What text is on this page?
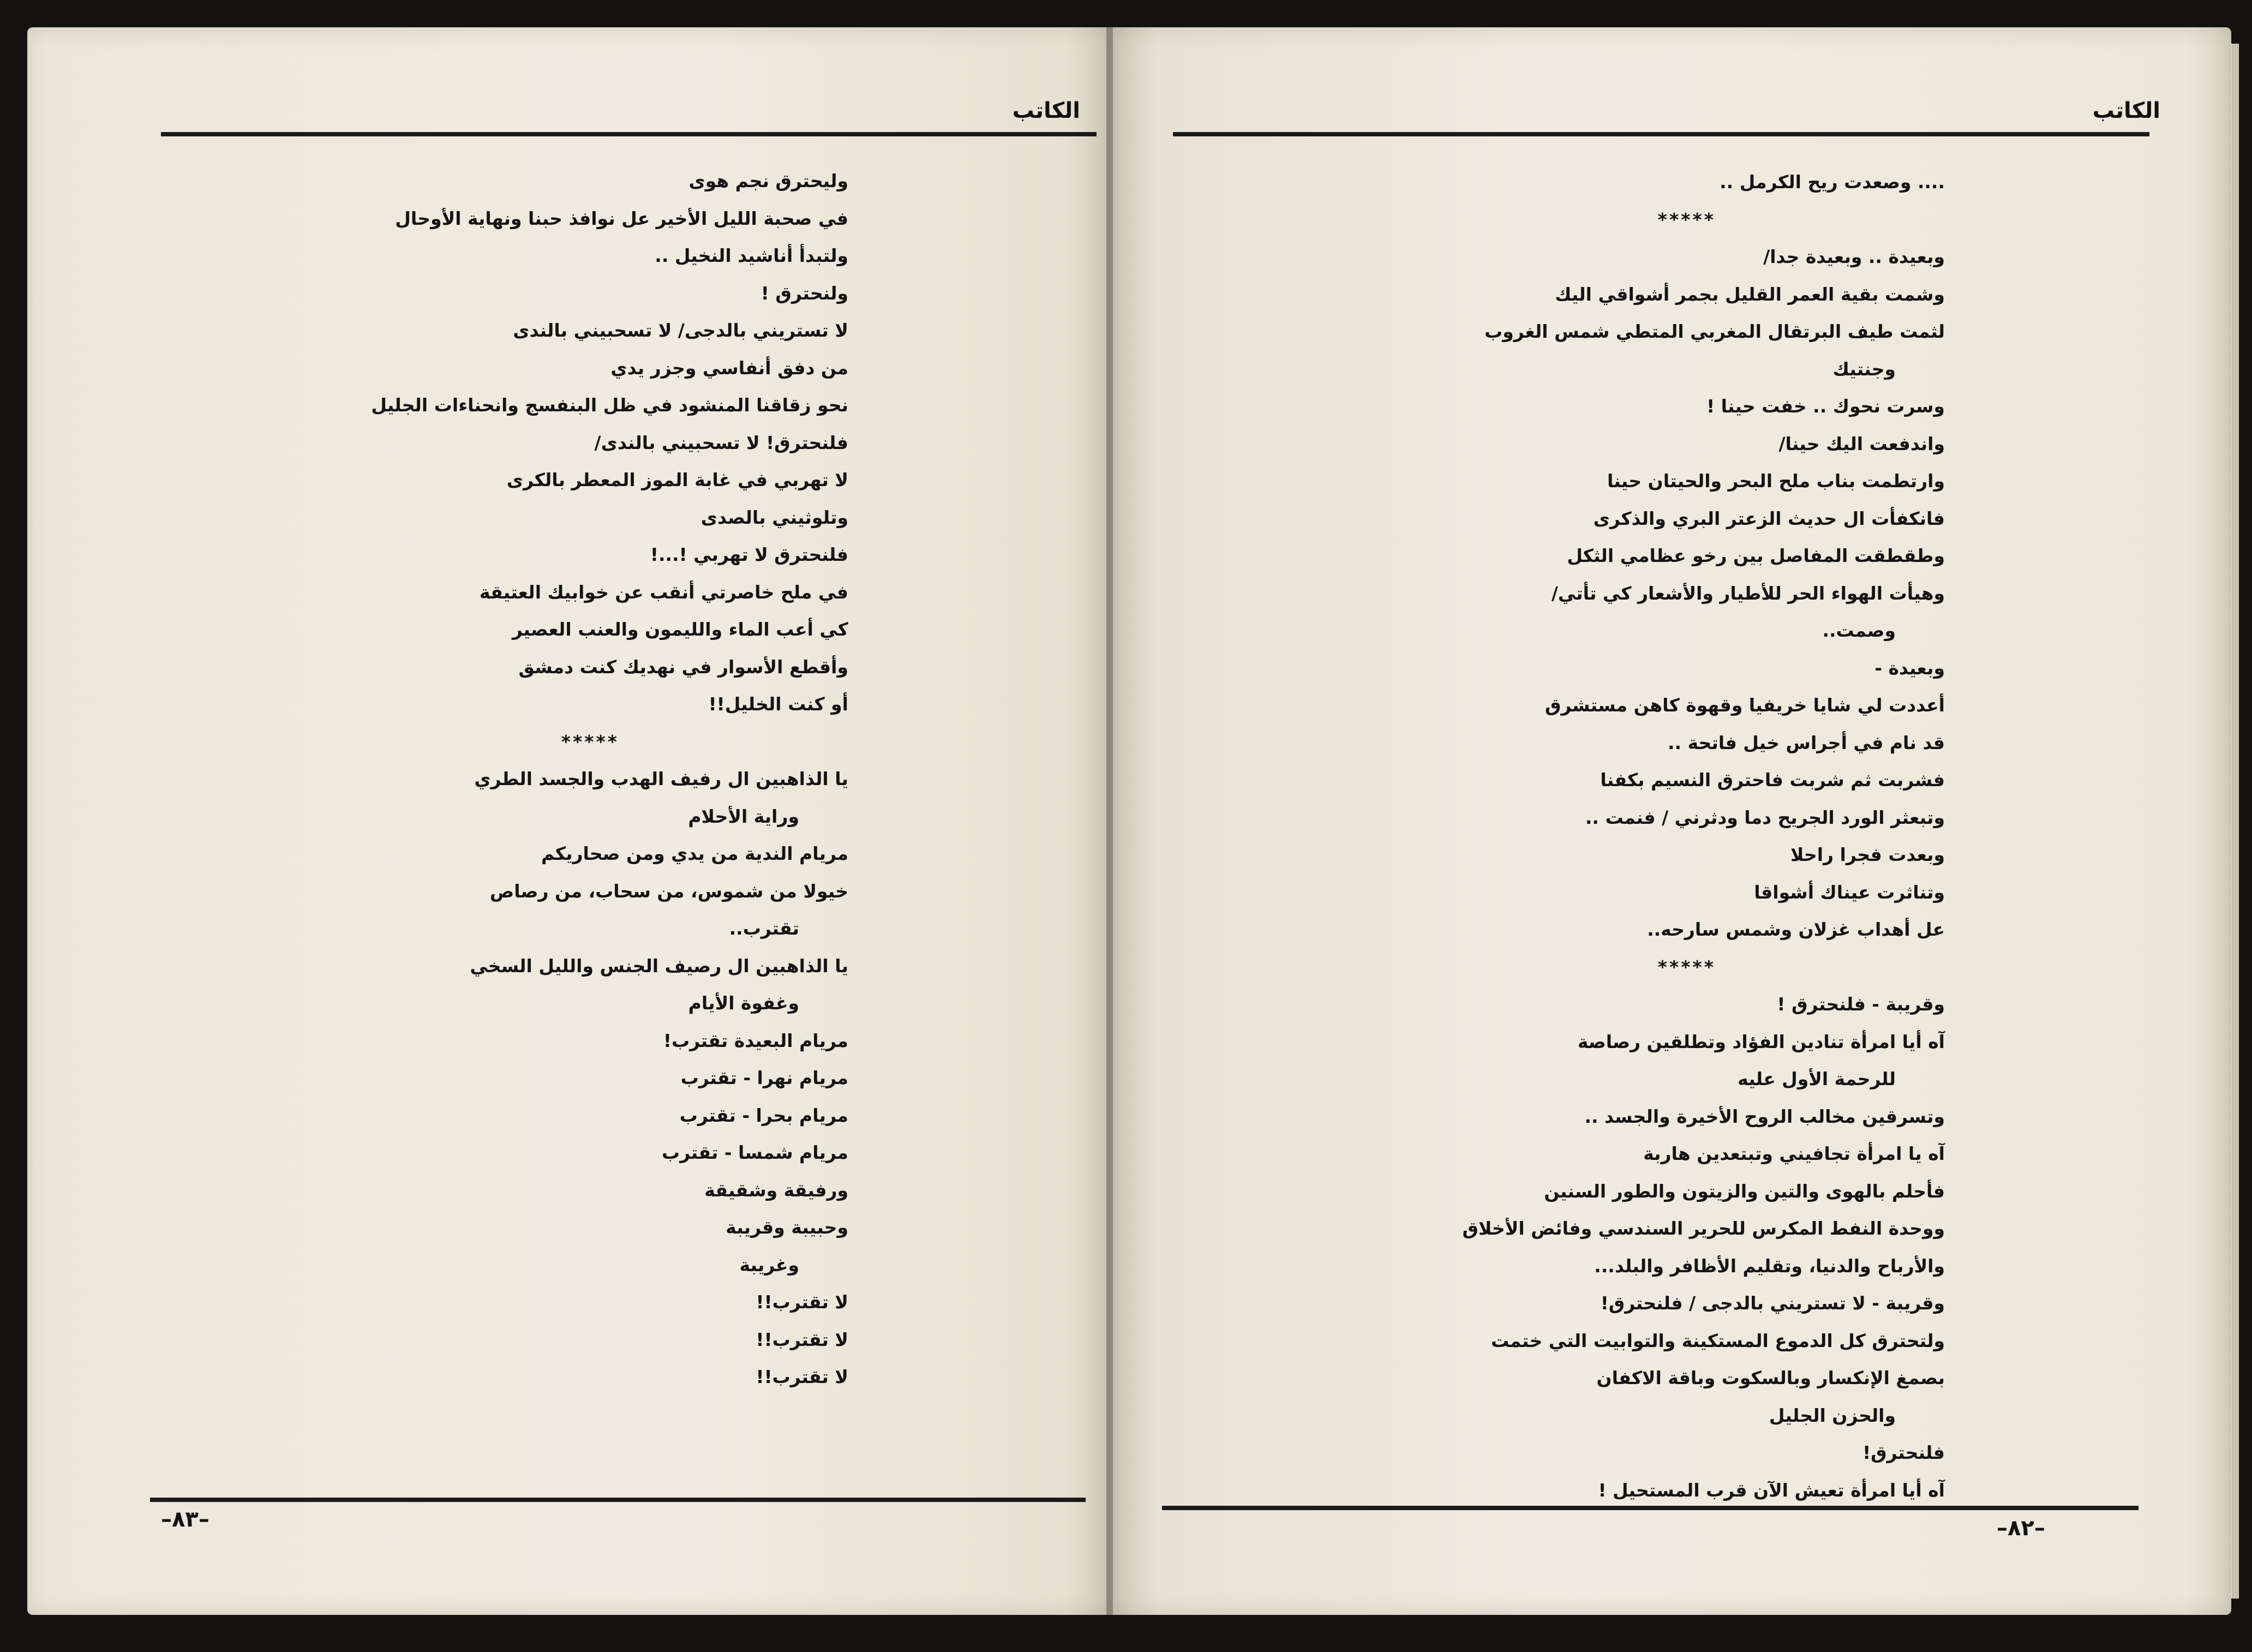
الكاتب
وليحترق نجم هوى
في صحبة الليل الأخير عل نوافذ حبنا ونهاية الأوحال
ولتبدأ أناشيد النخيل ..
ولنحترق !
لا تستريني بالدجى/ لا تسحبيني بالندى
من دفق أنفاسي وجزر يدي
نحو زقاقنا المنشود في ظل البنفسج وانحناءات الجليل
فلنحترق! لا تسحبيني بالندى/
لا تهربي في غابة الموز المعطر بالكرى
وتلوثيني بالصدى
فلنحترق لا تهربي !...!
في ملح خاصرتي أنقب عن خوابيك العتيقة
كي أعب الماء والليمون والعنب العصير
وأقطع الأسوار في نهديك كنت دمشق
أو كنت الخليل!!
*****
يا الذاهبين ال رفيف الهدب والجسد الطري
وراية الأحلام
مريام الندية من يدي ومن صحاريكم
خيولا من شموس، من سحاب، من رصاص
تقترب..
يا الذاهبين ال رصيف الجنس والليل السخي
وغفوة الأيام
مريام البعيدة تقترب!
مريام نهرا - تقترب
مريام بحرا - تقترب
مريام شمسا - تقترب
ورفيقة وشقيقة
وحبيبة وقريبة
وغريبة
لا تقترب!!
لا تقترب!!
لا تقترب!!
–٨٣–
الكاتب
.... وصعدت ريح الكرمل ..
*****
وبعيدة .. وبعيدة جدا/
وشمت بقية العمر القليل بجمر أشواقي اليك
لثمت طيف البرتقال المغربي المتطي شمس الغروب
وجنتيك
وسرت نحوك .. خفت حينا !
واندفعت اليك حينا/
وارتطمت بناب ملح البحر والحيتان حينا
فانكفأت ال حديث الزعتر البري والذكرى
وطقطقت المفاصل بين رخو عظامي الثكل
وهيأت الهواء الحر للأطيار والأشعار كي تأتي/
وصمت..
وبعيدة -
أعددت لي شايا خريفيا وقهوة كاهن مستشرق
قد نام في أجراس خيل فاتحة ..
فشربت ثم شربت فاحترق النسيم بكفنا
وتبعثر الورد الجريح دما ودثرني / فنمت ..
وبعدت فجرا راحلا
وتناثرت عيناك أشواقا
عل أهداب غزلان وشمس سارحه..
*****
وقريبة - فلنحترق !
آه أيا امرأة تنادين الفؤاد وتطلقين رصاصة
للرحمة الأول عليه
وتسرقين مخالب الروح الأخيرة والجسد ..
آه يا امرأة تجافيني وتبتعدين هاربة
فأحلم بالهوى والتين والزيتون والطور السنين
ووحدة النفط المكرس للحرير السندسي وفائض الأخلاق
والأرباح والدنيا، وتقليم الأظافر والبلد...
وقريبة - لا تستريني بالدجى / فلنحترق!
ولتحترق كل الدموع المستكينة والتوابيت التي ختمت
بصمغ الإنكسار وبالسكوت وباقة الاكفان
والحزن الجليل
فلنحترق!
آه أيا امرأة تعيش الآن قرب المستحيل !
–٨٢–
